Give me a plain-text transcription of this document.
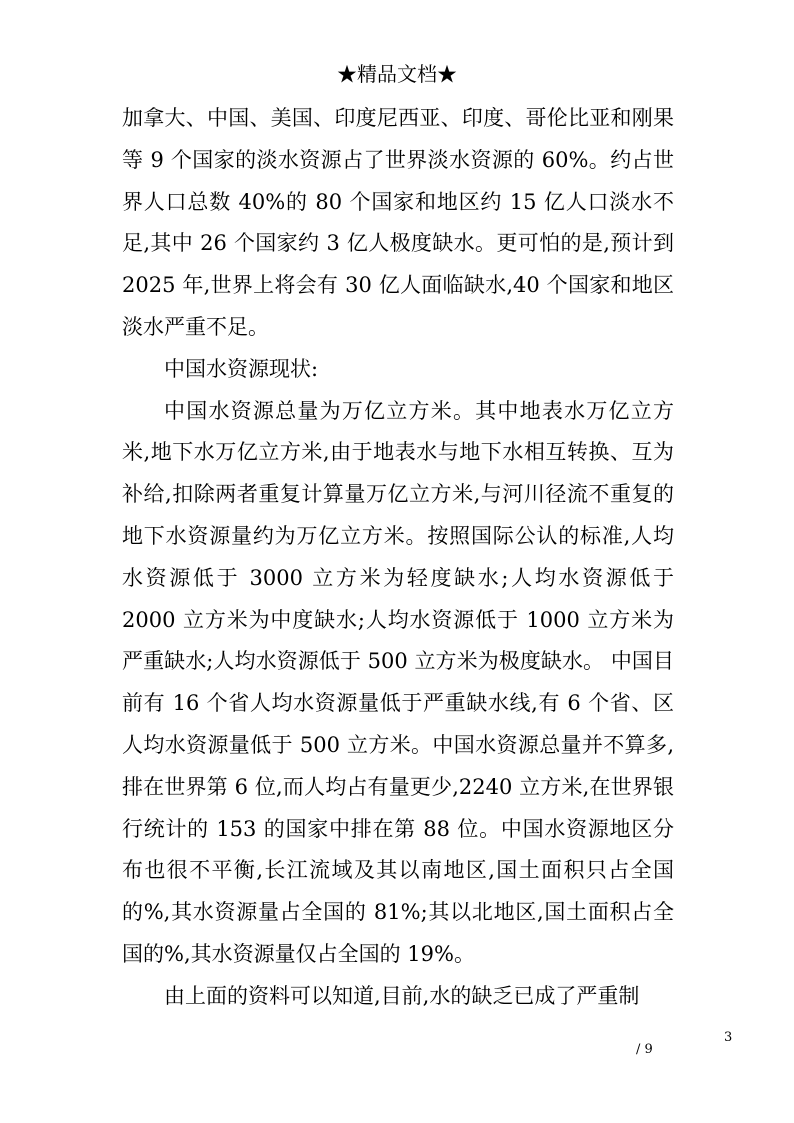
★精品文档★

加拿大、中国、美国、印度尼西亚、印度、哥伦比亚和刚果等 9 个国家的淡水资源占了世界淡水资源的 60%。约占世界人口总数 40%的 80 个国家和地区约 15 亿人口淡水不足,其中 26 个国家约 3 亿人极度缺水。更可怕的是,预计到 2025 年,世界上将会有 30 亿人面临缺水,40 个国家和地区淡水严重不足。

中国水资源现状:

中国水资源总量为万亿立方米。其中地表水万亿立方米,地下水万亿立方米,由于地表水与地下水相互转换、互为补给,扣除两者重复计算量万亿立方米,与河川径流不重复的地下水资源量约为万亿立方米。按照国际公认的标准,人均水资源低于 3000 立方米为轻度缺水;人均水资源低于 2000 立方米为中度缺水;人均水资源低于 1000 立方米为严重缺水;人均水资源低于 500 立方米为极度缺水。 中国目前有 16 个省人均水资源量低于严重缺水线,有 6 个省、区人均水资源量低于 500 立方米。中国水资源总量并不算多,排在世界第 6 位,而人均占有量更少,2240 立方米,在世界银行统计的 153 的国家中排在第 88 位。中国水资源地区分布也很不平衡,长江流域及其以南地区,国土面积只占全国的%,其水资源量占全国的 81%;其以北地区,国土面积占全国的%,其水资源量仅占全国的 19%。

由上面的资料可以知道,目前,水的缺乏已成了严重制

3
/ 9
